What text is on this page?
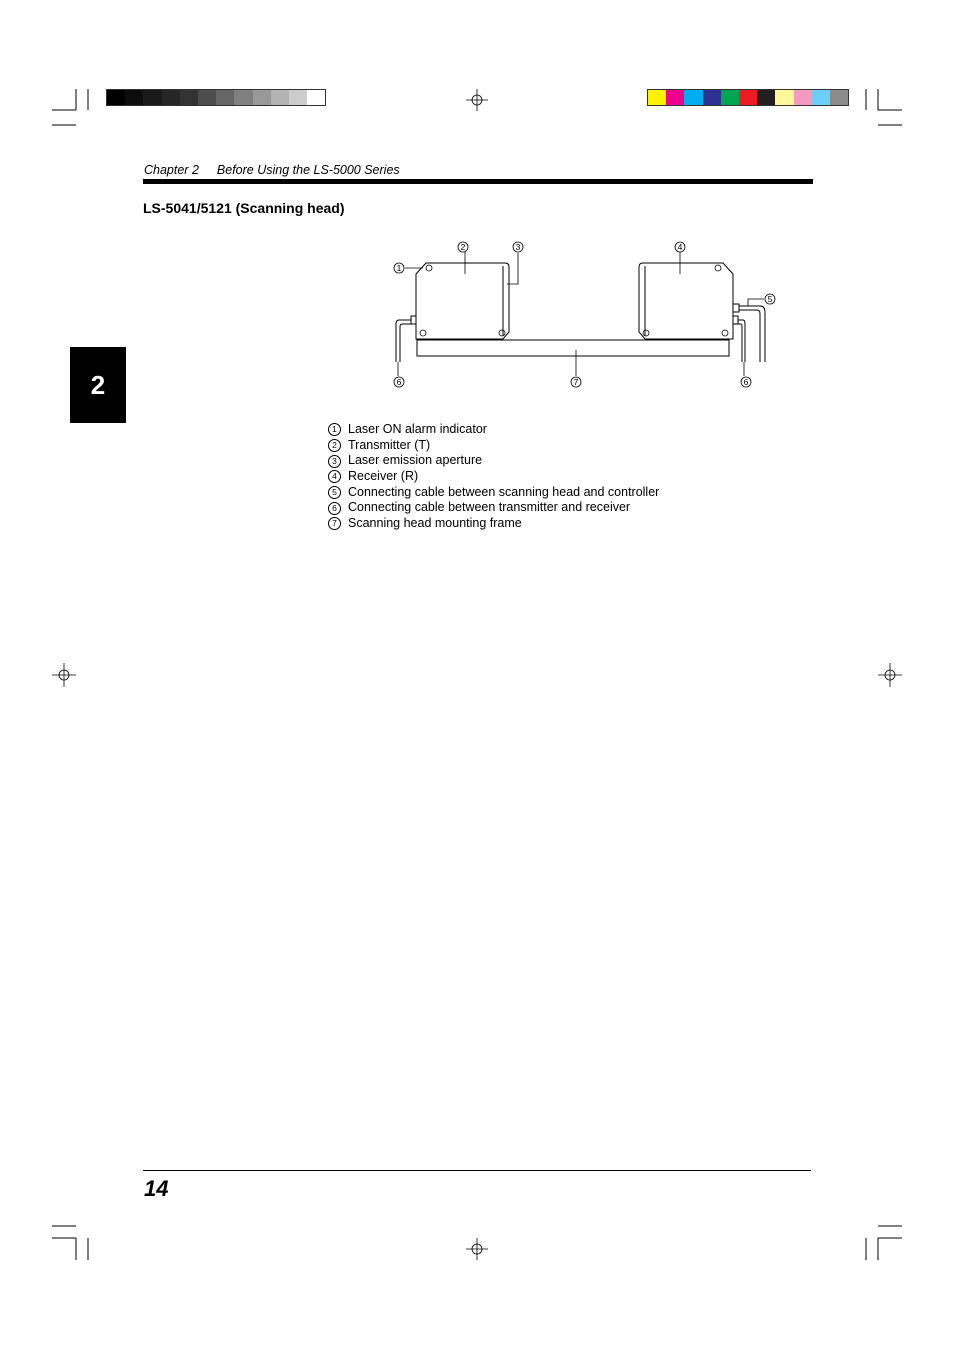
Chapter 2 Before Using the LS-5000 Series
2
LS-5041/5121 (Scanning head)
1
2	3	4
5
6	7	6
1 Laser ON alarm indicator
2 Transmitter (T)
3 Laser emission aperture
4 Receiver (R)
5 Connecting cable between scanning head and controller
6 Connecting cable between transmitter and receiver
7 Scanning head mounting frame
14
